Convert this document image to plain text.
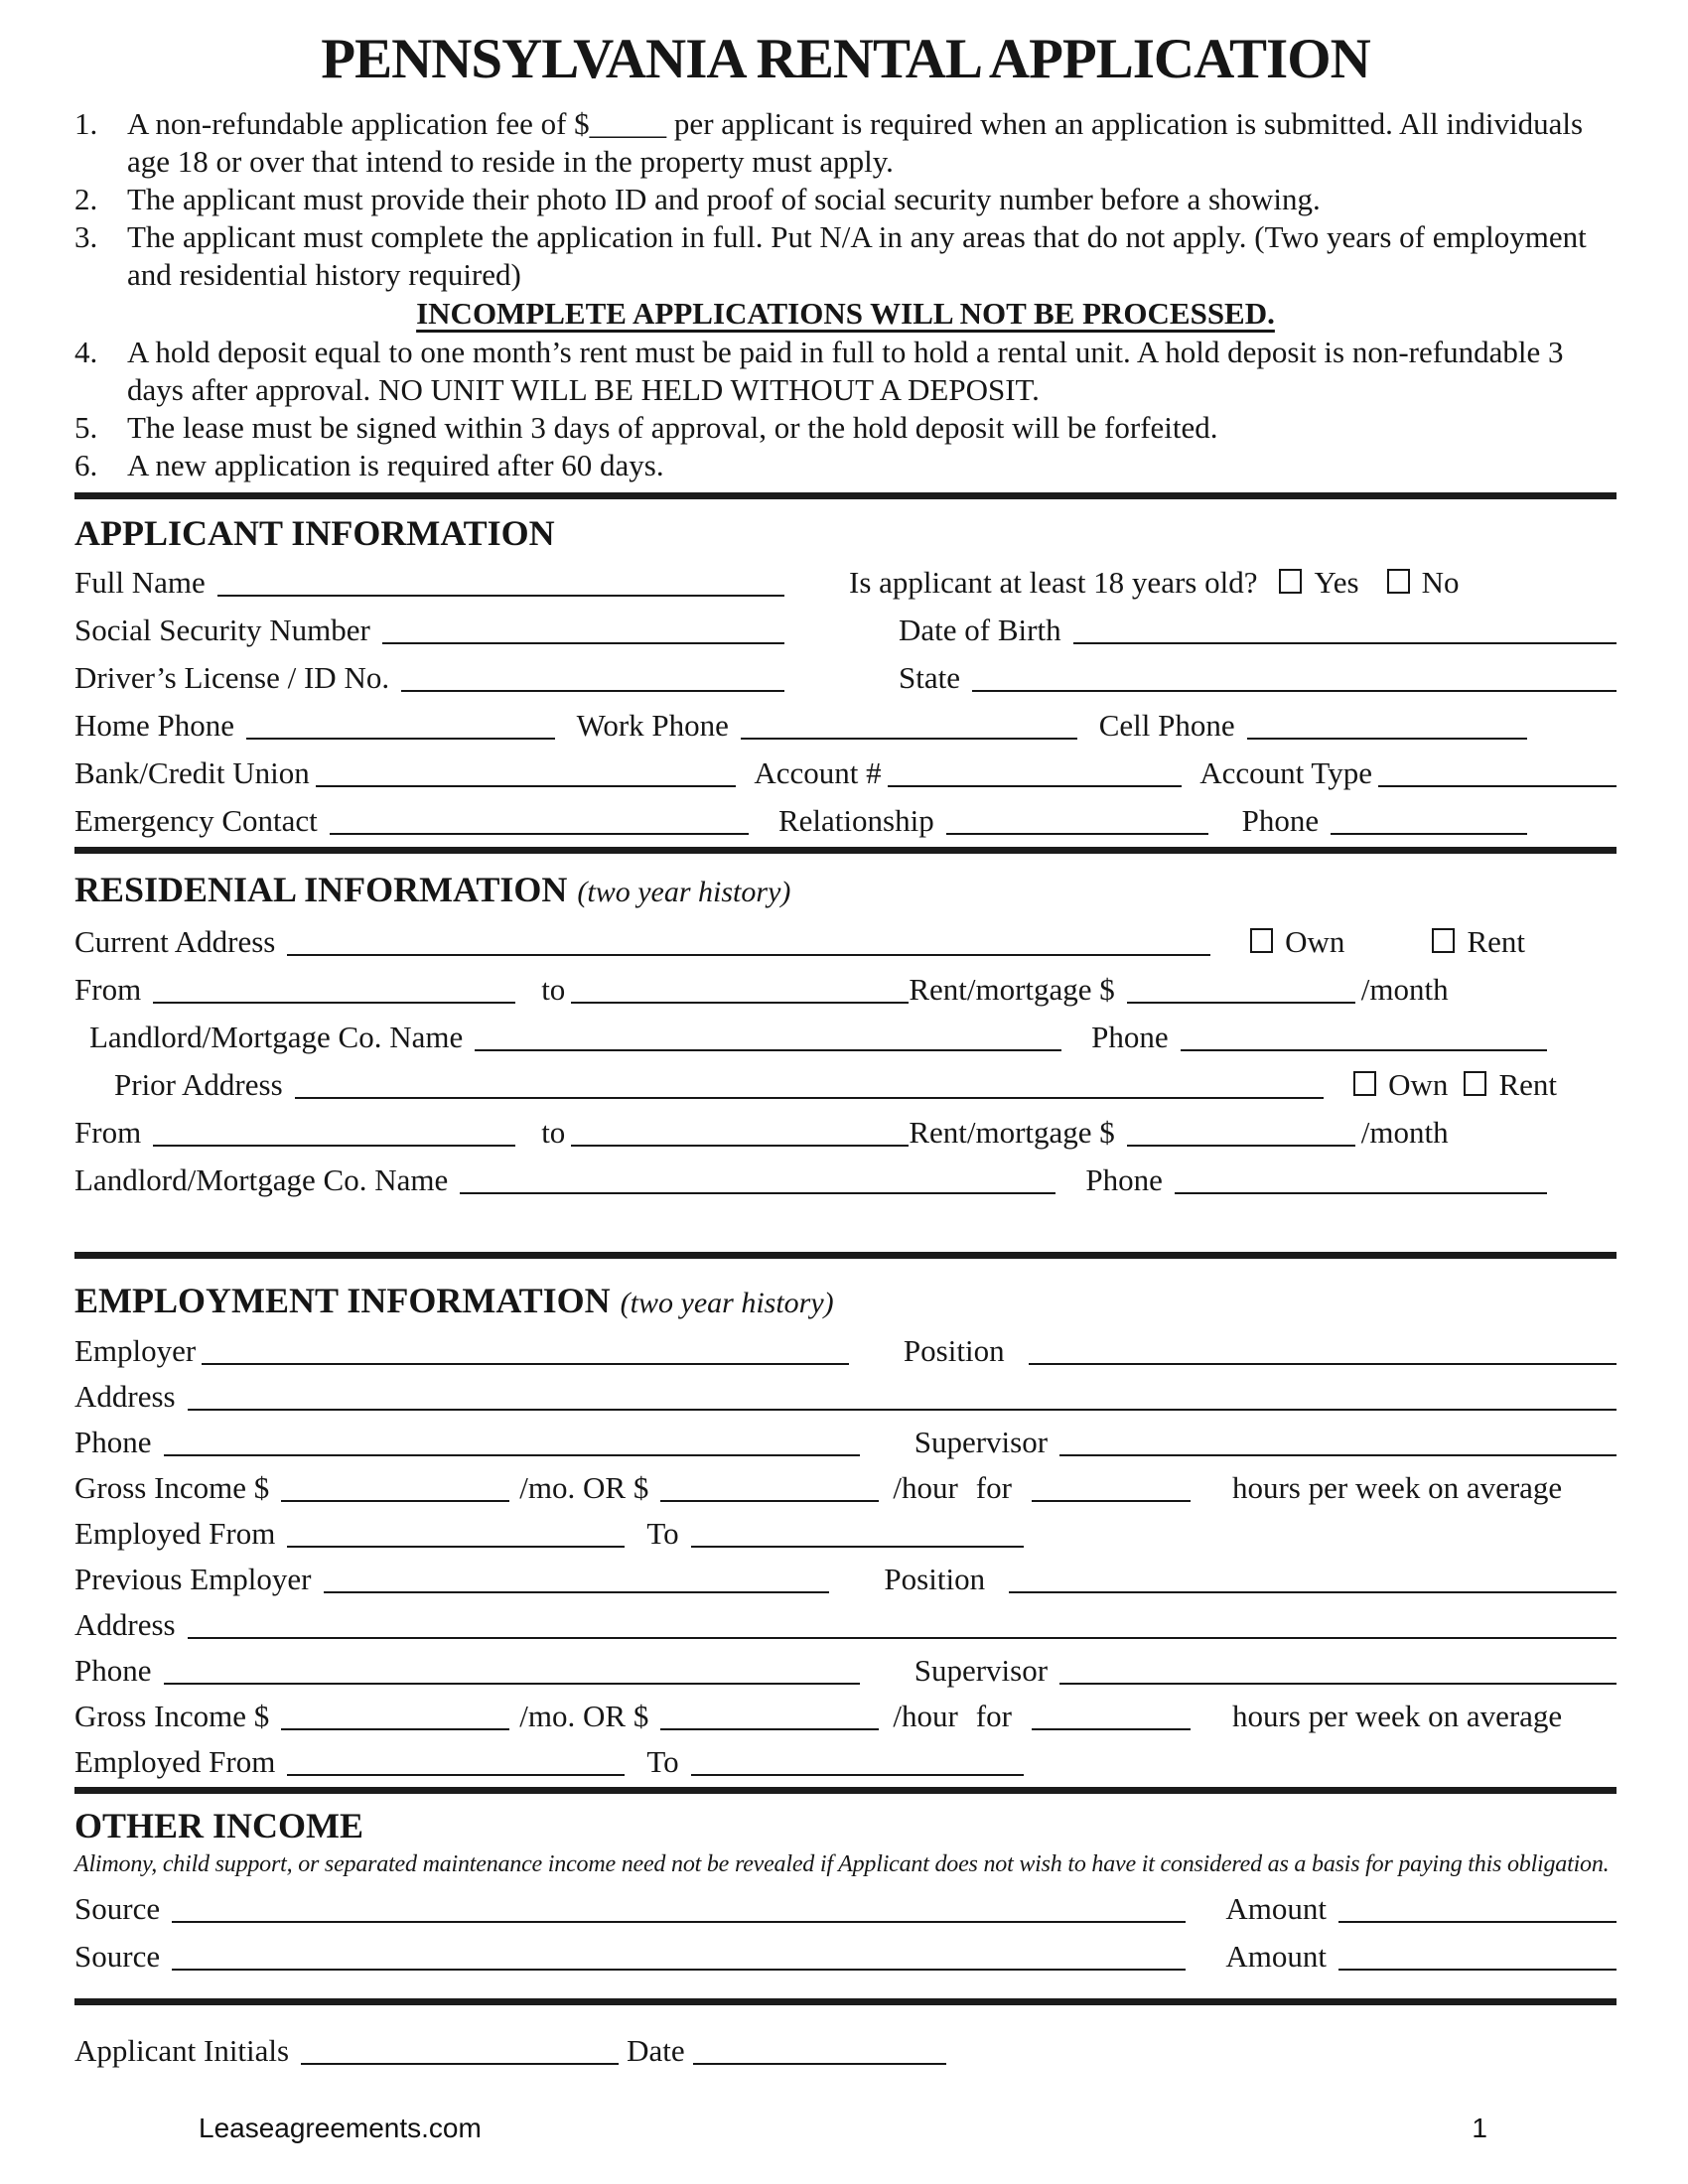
PENNSYLVANIA RENTAL APPLICATION
1. A non-refundable application fee of $_____ per applicant is required when an application is submitted. All individuals age 18 or over that intend to reside in the property must apply.
2. The applicant must provide their photo ID and proof of social security number before a showing.
3. The applicant must complete the application in full. Put N/A in any areas that do not apply. (Two years of employment and residential history required)
INCOMPLETE APPLICATIONS WILL NOT BE PROCESSED.
4. A hold deposit equal to one month’s rent must be paid in full to hold a rental unit. A hold deposit is non-refundable 3 days after approval. NO UNIT WILL BE HELD WITHOUT A DEPOSIT.
5. The lease must be signed within 3 days of approval, or the hold deposit will be forfeited.
6. A new application is required after 60 days.
APPLICANT INFORMATION
Full Name	Is applicant at least 18 years old? Yes No
Social Security Number	Date of Birth
Driver’s License / ID No.	State
Home Phone	Work Phone	Cell Phone
Bank/Credit Union	Account #	Account Type
Emergency Contact	Relationship	Phone
RESIDENIAL INFORMATION (two year history)
Current Address	Own	Rent
From	to	Rent/mortgage $	/month
Landlord/Mortgage Co. Name	Phone
Prior Address	Own Rent
From	to	Rent/mortgage $	/month
Landlord/Mortgage Co. Name	Phone
EMPLOYMENT INFORMATION (two year history)
Employer	Position
Address
Phone	Supervisor
Gross Income $	/mo. OR $	/hour for	hours per week on average
Employed From	To
Previous Employer	Position
Address
Phone	Supervisor
Gross Income $	/mo. OR $	/hour for	hours per week on average
Employed From	To
OTHER INCOME
Alimony, child support, or separated maintenance income need not be revealed if Applicant does not wish to have it considered as a basis for paying this obligation.
Source	Amount
Source	Amount
Applicant Initials	Date
Leaseagreements.com	1
